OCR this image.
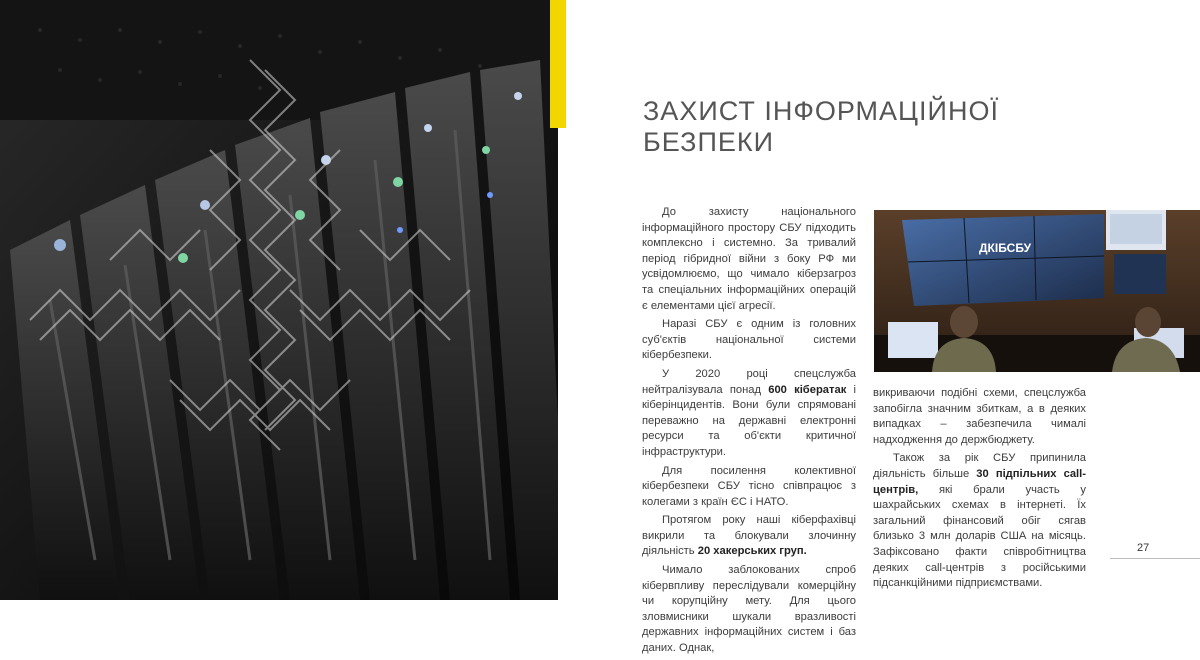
ЗАХИСТ ІНФОРМАЦІЙНОЇ
БЕЗПЕКИ

До захисту національного інформаційного простору СБУ підходить комплексно і системно. За тривалий період гібридної війни з боку РФ ми усвідомлюємо, що чимало кіберзагроз та спеціальних інформаційних операцій є елементами цієї агресії.

Наразі СБУ є одним із головних суб'єктів національної системи кібербезпеки.

У 2020 році спецслужба нейтралізувала понад 600 кібератак і кіберінцидентів. Вони були спрямовані переважно на державні електронні ресурси та об'єкти критичної інфраструктури.

Для посилення колективної кібербезпеки СБУ тісно співпрацює з колегами з країн ЄС і НАТО.

Протягом року наші кіберфахівці викрили та блокували злочинну діяльність 20 хакерських груп.

Чимало заблокованих спроб кібервпливу переслідували комерційну чи корупційну мету. Для цього зловмисники шукали вразливості державних інформаційних систем і баз даних. Однак,

ДКІБСБУ

викриваючи подібні схеми, спецслужба запобігла значним збиткам, а в деяких випадках – забезпечила чималі надходження до держбюджету.

Також за рік СБУ припинила діяльність більше 30 підпільних call-центрів, які брали участь у шахрайських схемах в інтернеті. Їх загальний фінансовий обіг сягав близько 3 млн доларів США на місяць. Зафіксовано факти співробітництва деяких call-центрів з російськими підсанкційними підприємствами.

27
